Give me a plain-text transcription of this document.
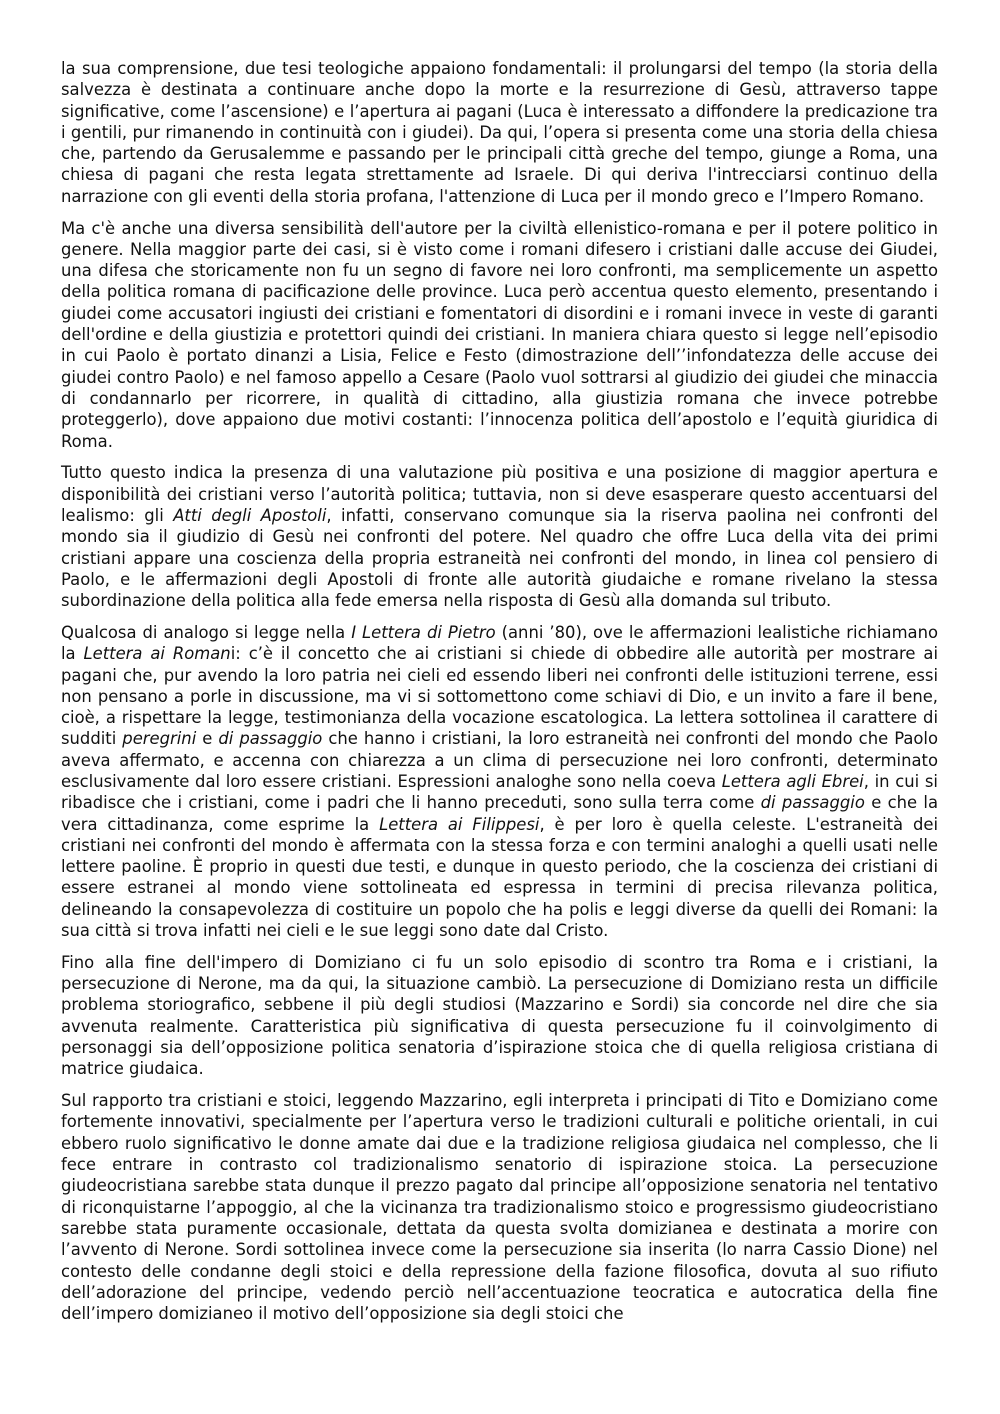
la sua comprensione, due tesi teologiche appaiono fondamentali: il prolungarsi del tempo (la storia della salvezza è destinata a continuare anche dopo la morte e la resurrezione di Gesù, attraverso tappe significative, come l’ascensione) e l’apertura ai pagani (Luca è interessato a diffondere la predicazione tra i gentili, pur rimanendo in continuità con i giudei). Da qui, l’opera si presenta come una storia della chiesa che, partendo da Gerusalemme e passando per le principali città greche del tempo, giunge a Roma, una chiesa di pagani che resta legata strettamente ad Israele. Di qui deriva l'intrecciarsi continuo della narrazione con gli eventi della storia profana, l'attenzione di Luca per il mondo greco e l’Impero Romano.

Ma c'è anche una diversa sensibilità dell'autore per la civiltà ellenistico-romana e per il potere politico in genere. Nella maggior parte dei casi, si è visto come i romani difesero i cristiani dalle accuse dei Giudei, una difesa che storicamente non fu un segno di favore nei loro confronti, ma semplicemente un aspetto della politica romana di pacificazione delle province. Luca però accentua questo elemento, presentando i giudei come accusatori ingiusti dei cristiani e fomentatori di disordini e i romani invece in veste di garanti dell'ordine e della giustizia e protettori quindi dei cristiani. In maniera chiara questo si legge nell’episodio in cui Paolo è portato dinanzi a Lisia, Felice e Festo (dimostrazione dell’’infondatezza delle accuse dei giudei contro Paolo) e nel famoso appello a Cesare (Paolo vuol sottrarsi al giudizio dei giudei che minaccia di condannarlo per ricorrere, in qualità di cittadino, alla giustizia romana che invece potrebbe proteggerlo), dove appaiono due motivi costanti: l’innocenza politica dell’apostolo e l’equità giuridica di Roma.

Tutto questo indica la presenza di una valutazione più positiva e una posizione di maggior apertura e disponibilità dei cristiani verso l’autorità politica; tuttavia, non si deve esasperare questo accentuarsi del lealismo: gli Atti degli Apostoli, infatti, conservano comunque sia la riserva paolina nei confronti del mondo sia il giudizio di Gesù nei confronti del potere. Nel quadro che offre Luca della vita dei primi cristiani appare una coscienza della propria estraneità nei confronti del mondo, in linea col pensiero di Paolo, e le affermazioni degli Apostoli di fronte alle autorità giudaiche e romane rivelano la stessa subordinazione della politica alla fede emersa nella risposta di Gesù alla domanda sul tributo.

Qualcosa di analogo si legge nella I Lettera di Pietro (anni ’80), ove le affermazioni lealistiche richiamano la Lettera ai Romani: c’è il concetto che ai cristiani si chiede di obbedire alle autorità per mostrare ai pagani che, pur avendo la loro patria nei cieli ed essendo liberi nei confronti delle istituzioni terrene, essi non pensano a porle in discussione, ma vi si sottomettono come schiavi di Dio, e un invito a fare il bene, cioè, a rispettare la legge, testimonianza della vocazione escatologica. La lettera sottolinea il carattere di sudditi peregrini e di passaggio che hanno i cristiani, la loro estraneità nei confronti del mondo che Paolo aveva affermato, e accenna con chiarezza a un clima di persecuzione nei loro confronti, determinato esclusivamente dal loro essere cristiani. Espressioni analoghe sono nella coeva Lettera agli Ebrei, in cui si ribadisce che i cristiani, come i padri che li hanno preceduti, sono sulla terra come di passaggio e che la vera cittadinanza, come esprime la Lettera ai Filippesi, è per loro è quella celeste. L'estraneità dei cristiani nei confronti del mondo è affermata con la stessa forza e con termini analoghi a quelli usati nelle lettere paoline. È proprio in questi due testi, e dunque in questo periodo, che la coscienza dei cristiani di essere estranei al mondo viene sottolineata ed espressa in termini di precisa rilevanza politica, delineando la consapevolezza di costituire un popolo che ha polis e leggi diverse da quelli dei Romani: la sua città si trova infatti nei cieli e le sue leggi sono date dal Cristo.

Fino alla fine dell'impero di Domiziano ci fu un solo episodio di scontro tra Roma e i cristiani, la persecuzione di Nerone, ma da qui, la situazione cambiò. La persecuzione di Domiziano resta un difficile problema storiografico, sebbene il più degli studiosi (Mazzarino e Sordi) sia concorde nel dire che sia avvenuta realmente. Caratteristica più significativa di questa persecuzione fu il coinvolgimento di personaggi sia dell’opposizione politica senatoria d’ispirazione stoica che di quella religiosa cristiana di matrice giudaica.

Sul rapporto tra cristiani e stoici, leggendo Mazzarino, egli interpreta i principati di Tito e Domiziano come fortemente innovativi, specialmente per l’apertura verso le tradizioni culturali e politiche orientali, in cui ebbero ruolo significativo le donne amate dai due e la tradizione religiosa giudaica nel complesso, che li fece entrare in contrasto col tradizionalismo senatorio di ispirazione stoica. La persecuzione giudeocristiana sarebbe stata dunque il prezzo pagato dal principe all’opposizione senatoria nel tentativo di riconquistarne l’appoggio, al che la vicinanza tra tradizionalismo stoico e progressismo giudeocristiano sarebbe stata puramente occasionale, dettata da questa svolta domizianea e destinata a morire con l’avvento di Nerone. Sordi sottolinea invece come la persecuzione sia inserita (lo narra Cassio Dione) nel contesto delle condanne degli stoici e della repressione della fazione filosofica, dovuta al suo rifiuto dell’adorazione del principe, vedendo perciò nell’accentuazione teocratica e autocratica della fine dell’impero domizianeo il motivo dell’opposizione sia degli stoici che
